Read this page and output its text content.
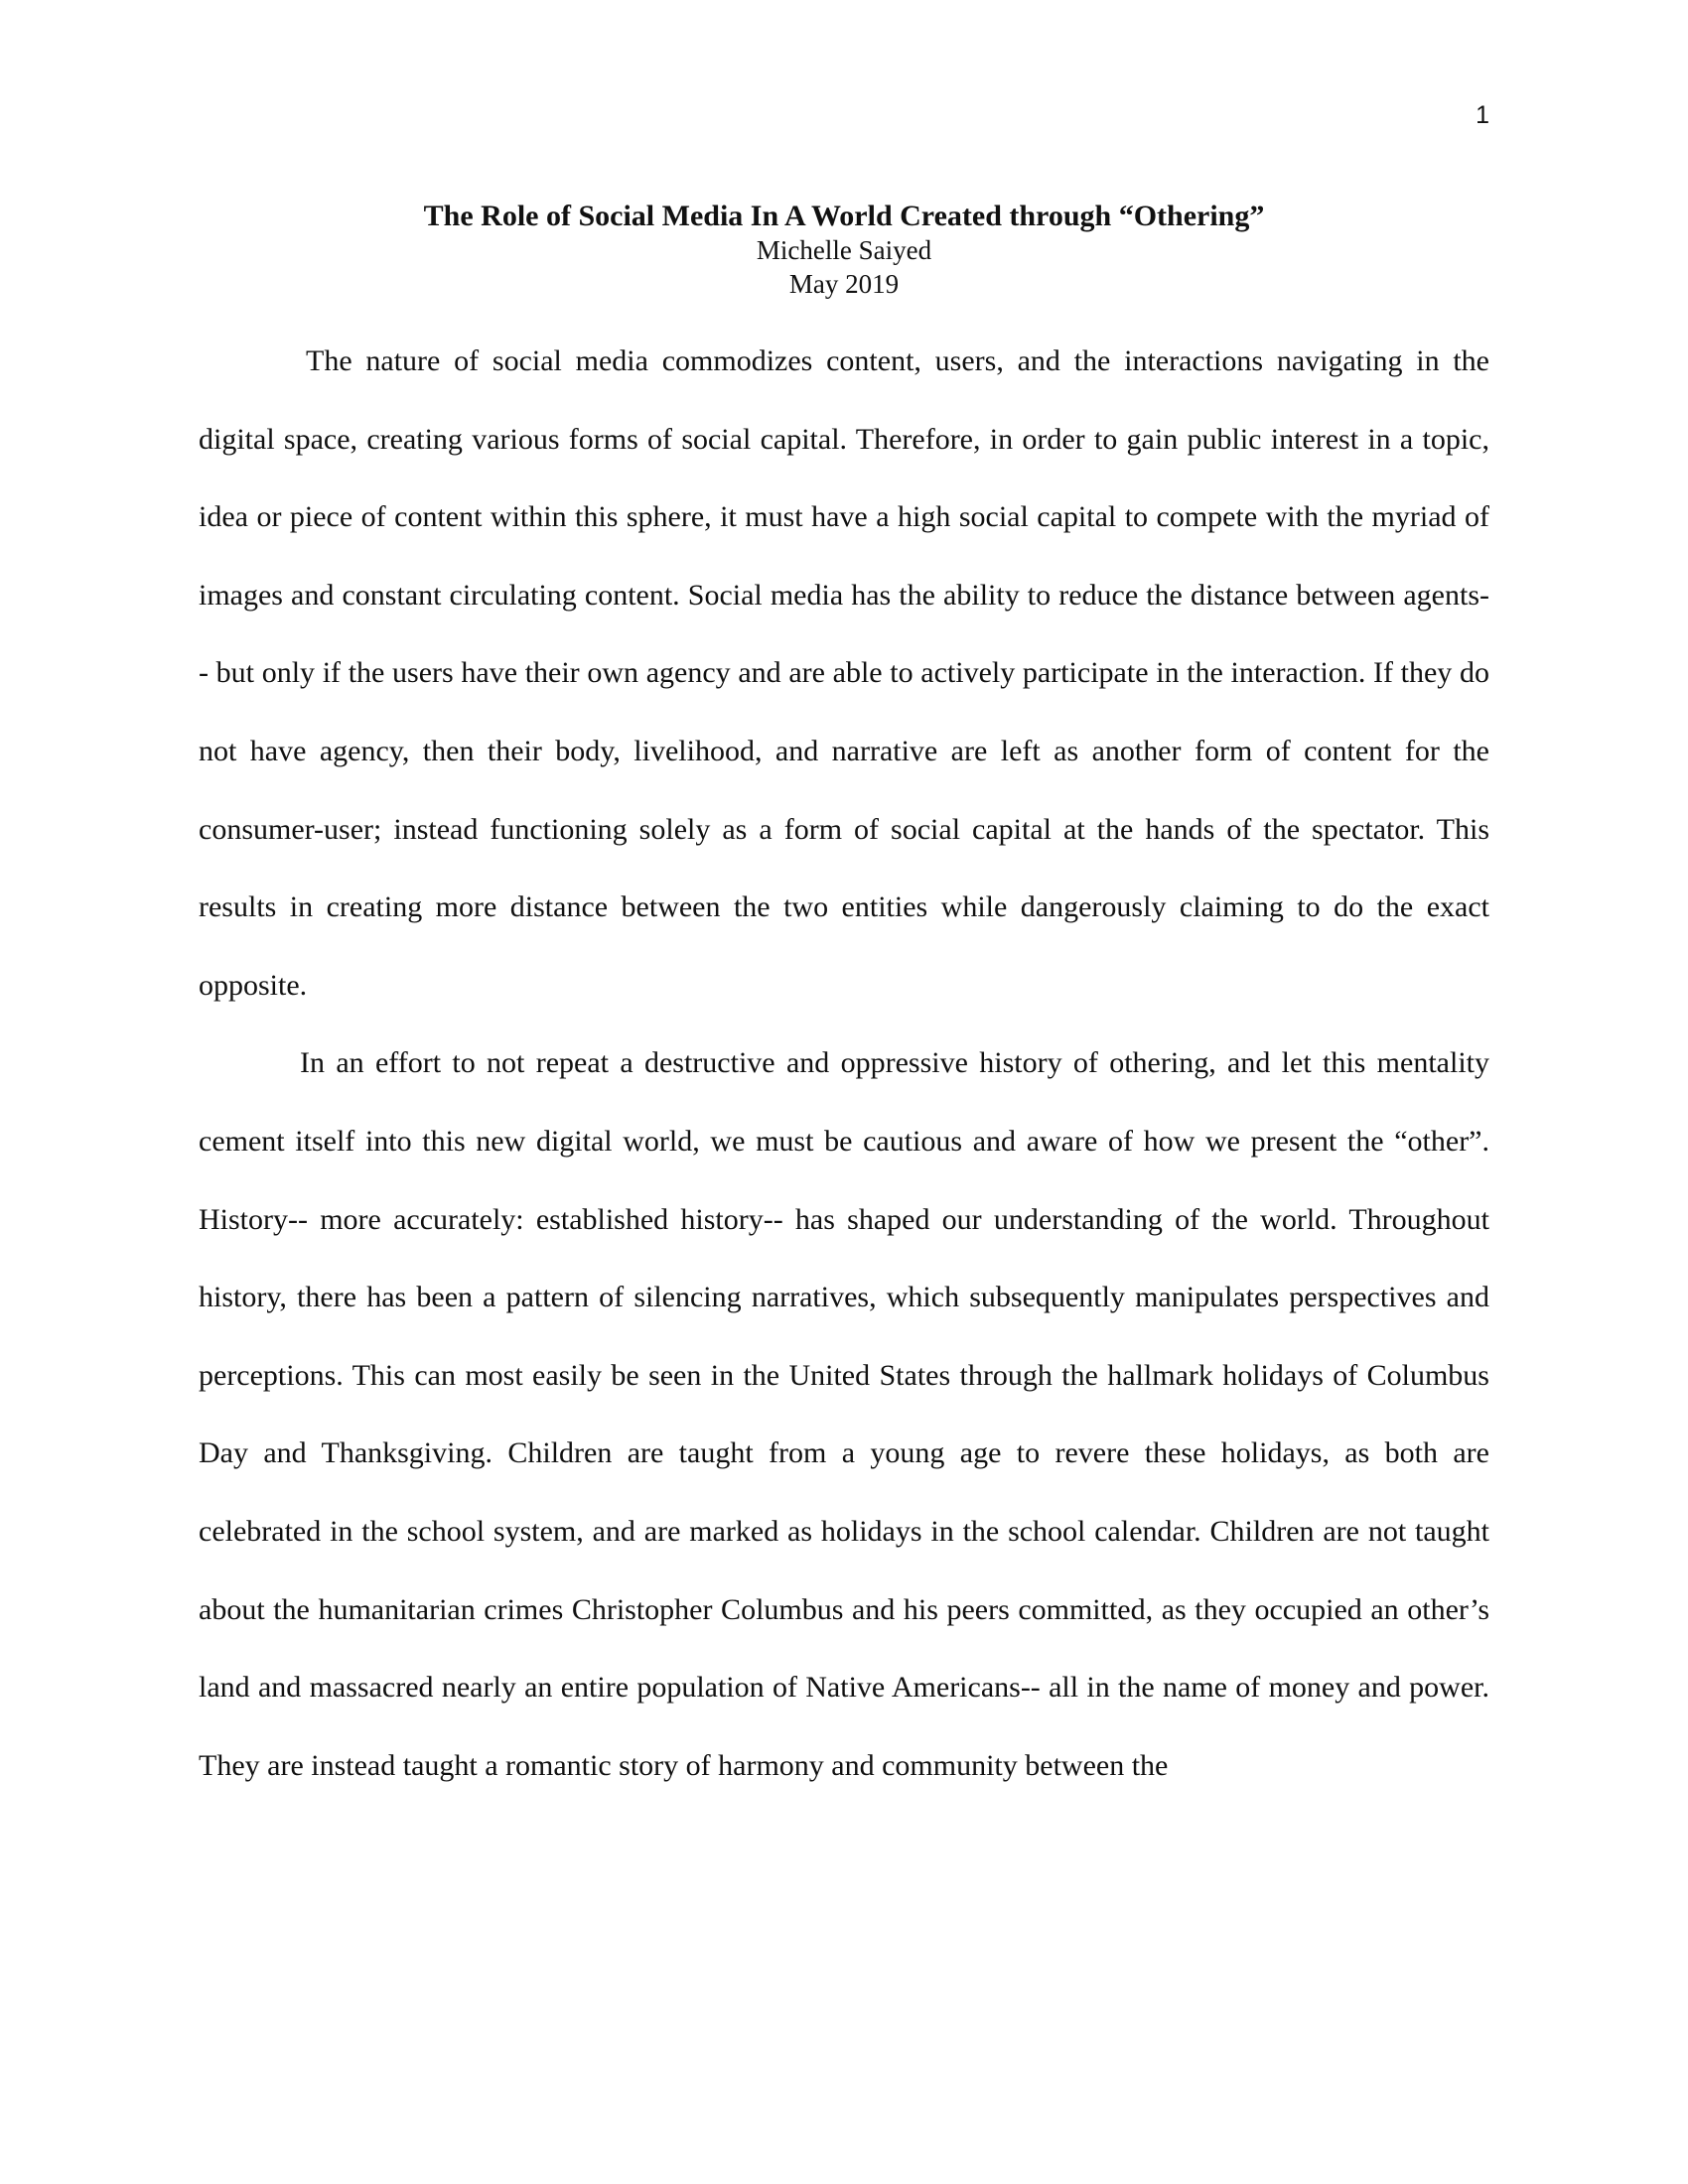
1

The Role of Social Media In A World Created through “Othering”

Michelle Saiyed

May 2019

The nature of social media commodizes content, users, and the interactions navigating in the digital space, creating various forms of social capital. Therefore, in order to gain public interest in a topic, idea or piece of content within this sphere, it must have a high social capital to compete with the myriad of images and constant circulating content. Social media has the ability to reduce the distance between agents-- but only if the users have their own agency and are able to actively participate in the interaction. If they do not have agency, then their body, livelihood, and narrative are left as another form of content for the consumer-user; instead functioning solely as a form of social capital at the hands of the spectator. This results in creating more distance between the two entities while dangerously claiming to do the exact opposite.

In an effort to not repeat a destructive and oppressive history of othering, and let this mentality cement itself into this new digital world, we must be cautious and aware of how we present the “other”. History-- more accurately: established history-- has shaped our understanding of the world. Throughout history, there has been a pattern of silencing narratives, which subsequently manipulates perspectives and perceptions. This can most easily be seen in the United States through the hallmark holidays of Columbus Day and Thanksgiving. Children are taught from a young age to revere these holidays, as both are celebrated in the school system, and are marked as holidays in the school calendar. Children are not taught about the humanitarian crimes Christopher Columbus and his peers committed, as they occupied an other’s land and massacred nearly an entire population of Native Americans-- all in the name of money and power. They are instead taught a romantic story of harmony and community between the
